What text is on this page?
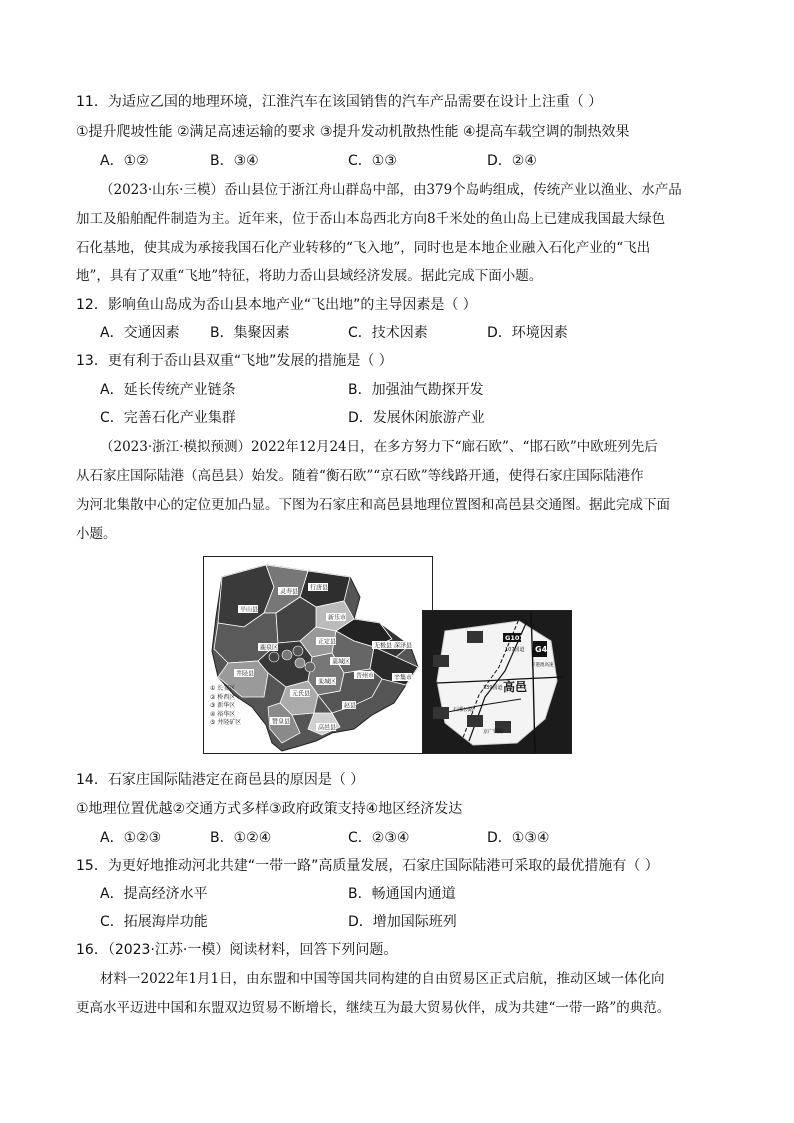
11．为适应乙国的地理环境，江淮汽车在该国销售的汽车产品需要在设计上注重（ ）
①提升爬坡性能 ②满足高速运输的要求 ③提升发动机散热性能 ④提高车载空调的制热效果
A．①②	B．③④	C．①③	D．②④
（2023·山东·三模）岙山县位于浙江舟山群岛中部，由379个岛屿组成，传统产业以渔业、水产品
加工及船舶配件制造为主。近年来，位于岙山本岛西北方向8千米处的鱼山岛上已建成我国最大绿色
石化基地，使其成为承接我国石化产业转移的“飞入地”，同时也是本地企业融入石化产业的“飞出
地”，具有了双重“飞地”特征，将助力岙山县域经济发展。据此完成下面小题。
12．影响鱼山岛成为岙山县本地产业“飞出地”的主导因素是（ ）
A．交通因素 B．集聚因素	C．技术因素	D．环境因素
13．更有利于岙山县双重“飞地”发展的措施是（ ）
A．延长传统产业链条	B．加强油气勘探开发
C．完善石化产业集群	D．发展休闲旅游产业
（2023·浙江·模拟预测）2022年12月24日，在多方努力下“廊石欧”、“邯石欧”中欧班列先后
从石家庄国际陆港（高邑县）始发。随着“衡石欧”“京石欧”等线路开通，使得石家庄国际陆港作
为河北集散中心的定位更加凸显。下图为石家庄和高邑县地理位置图和高邑县交通图。据此完成下面
小题。
平山县
灵寿县
行唐县
新乐市
正定县
无极县 深泽县
鹿泉区
藁城区
辛集市
晋州市
井陉县
元氏县
赵县
赞皇县
高邑县
栾城区
① 长安区
② 桥西区
③ 新华区
④ 裕华区
⑤ 井陉矿区
高邑
G107
107国道 G4
京港澳高速
339国道
石邢公路
京广铁路
14．石家庄国际陆港定在商邑县的原因是（ ）
①地理位置优越②交通方式多样③政府政策支持④地区经济发达
A．①②③	B．①②④	C．②③④	D．①③④
15．为更好地推动河北共建“一带一路”高质量发展，石家庄国际陆港可采取的最优措施有（ ）
A．提高经济水平	B．畅通国内通道
C．拓展海岸功能	D．增加国际班列
16．（2023·江苏·一模）阅读材料，回答下列问题。
材料一2022年1月1日，由东盟和中国等国共同构建的自由贸易区正式启航，推动区域一体化向
更高水平迈进中国和东盟双边贸易不断增长，继续互为最大贸易伙伴，成为共建“一带一路”的典范。
